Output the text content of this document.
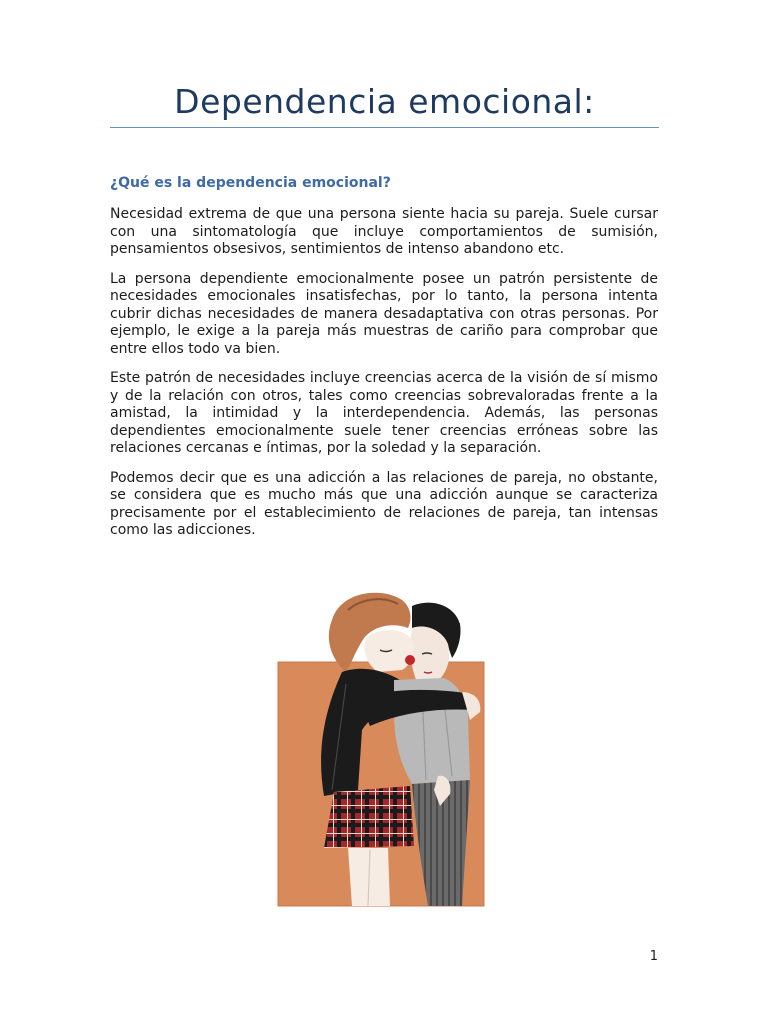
Dependencia emocional:
¿Qué es la dependencia emocional?

Necesidad extrema de que una persona siente hacia su pareja. Suele cursar con una sintomatología que incluye comportamientos de sumisión, pensamientos obsesivos, sentimientos de intenso abandono etc.

La persona dependiente emocionalmente posee un patrón persistente de necesidades emocionales insatisfechas, por lo tanto, la persona intenta cubrir dichas necesidades de manera desadaptativa con otras personas. Por ejemplo, le exige a la pareja más muestras de cariño para comprobar que entre ellos todo va bien.

Este patrón de necesidades incluye creencias acerca de la visión de sí mismo y de la relación con otros, tales como creencias sobrevaloradas frente a la amistad, la intimidad y la interdependencia. Además, las personas dependientes emocionalmente suele tener creencias erróneas sobre las relaciones cercanas e íntimas, por la soledad y la separación.

Podemos decir que es una adicción a las relaciones de pareja, no obstante, se considera que es mucho más que una adicción aunque se caracteriza precisamente por el establecimiento de relaciones de pareja, tan intensas como las adicciones.

1
